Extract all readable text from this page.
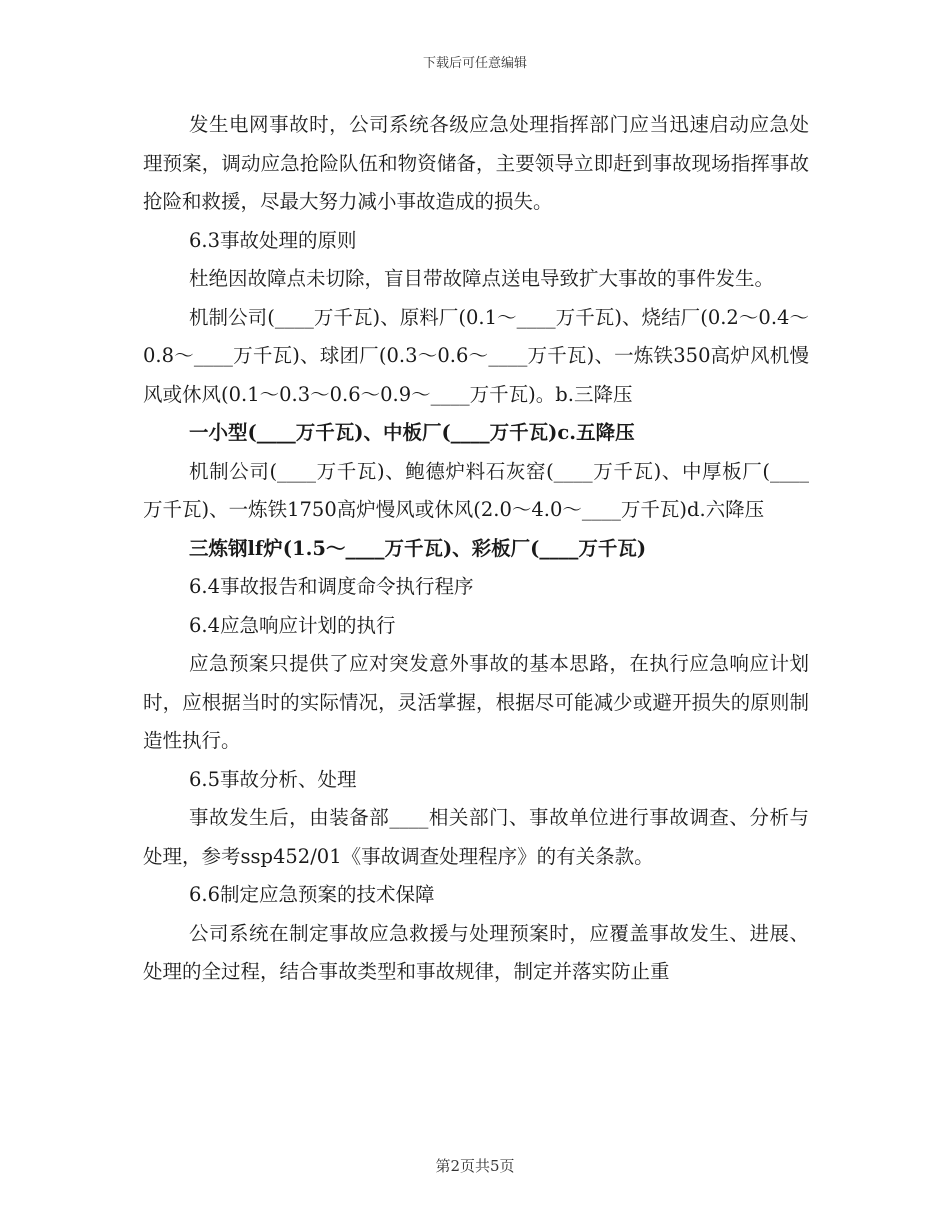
下载后可任意编辑

发生电网事故时，公司系统各级应急处理指挥部门应当迅速启动应急处理预案，调动应急抢险队伍和物资储备，主要领导立即赶到事故现场指挥事故抢险和救援，尽最大努力减小事故造成的损失。

6.3事故处理的原则

杜绝因故障点未切除，盲目带故障点送电导致扩大事故的事件发生。

机制公司(____万千瓦)、原料厂(0.1～____万千瓦)、烧结厂(0.2～0.4～0.8～____万千瓦)、球团厂(0.3～0.6～____万千瓦)、一炼铁350高炉风机慢风或休风(0.1～0.3～0.6～0.9～____万千瓦)。b.三降压

一小型(____万千瓦)、中板厂(____万千瓦)c.五降压

机制公司(____万千瓦)、鲍德炉料石灰窑(____万千瓦)、中厚板厂(____万千瓦)、一炼铁1750高炉慢风或休风(2.0～4.0～____万千瓦)d.六降压

三炼钢lf炉(1.5～____万千瓦)、彩板厂(____万千瓦)

6.4事故报告和调度命令执行程序

6.4应急响应计划的执行

应急预案只提供了应对突发意外事故的基本思路，在执行应急响应计划时，应根据当时的实际情况，灵活掌握，根据尽可能减少或避开损失的原则制造性执行。

6.5事故分析、处理

事故发生后，由装备部____相关部门、事故单位进行事故调查、分析与处理，参考ssp452/01《事故调查处理程序》的有关条款。

6.6制定应急预案的技术保障

公司系统在制定事故应急救援与处理预案时，应覆盖事故发生、进展、处理的全过程，结合事故类型和事故规律，制定并落实防止重

第2页共5页
